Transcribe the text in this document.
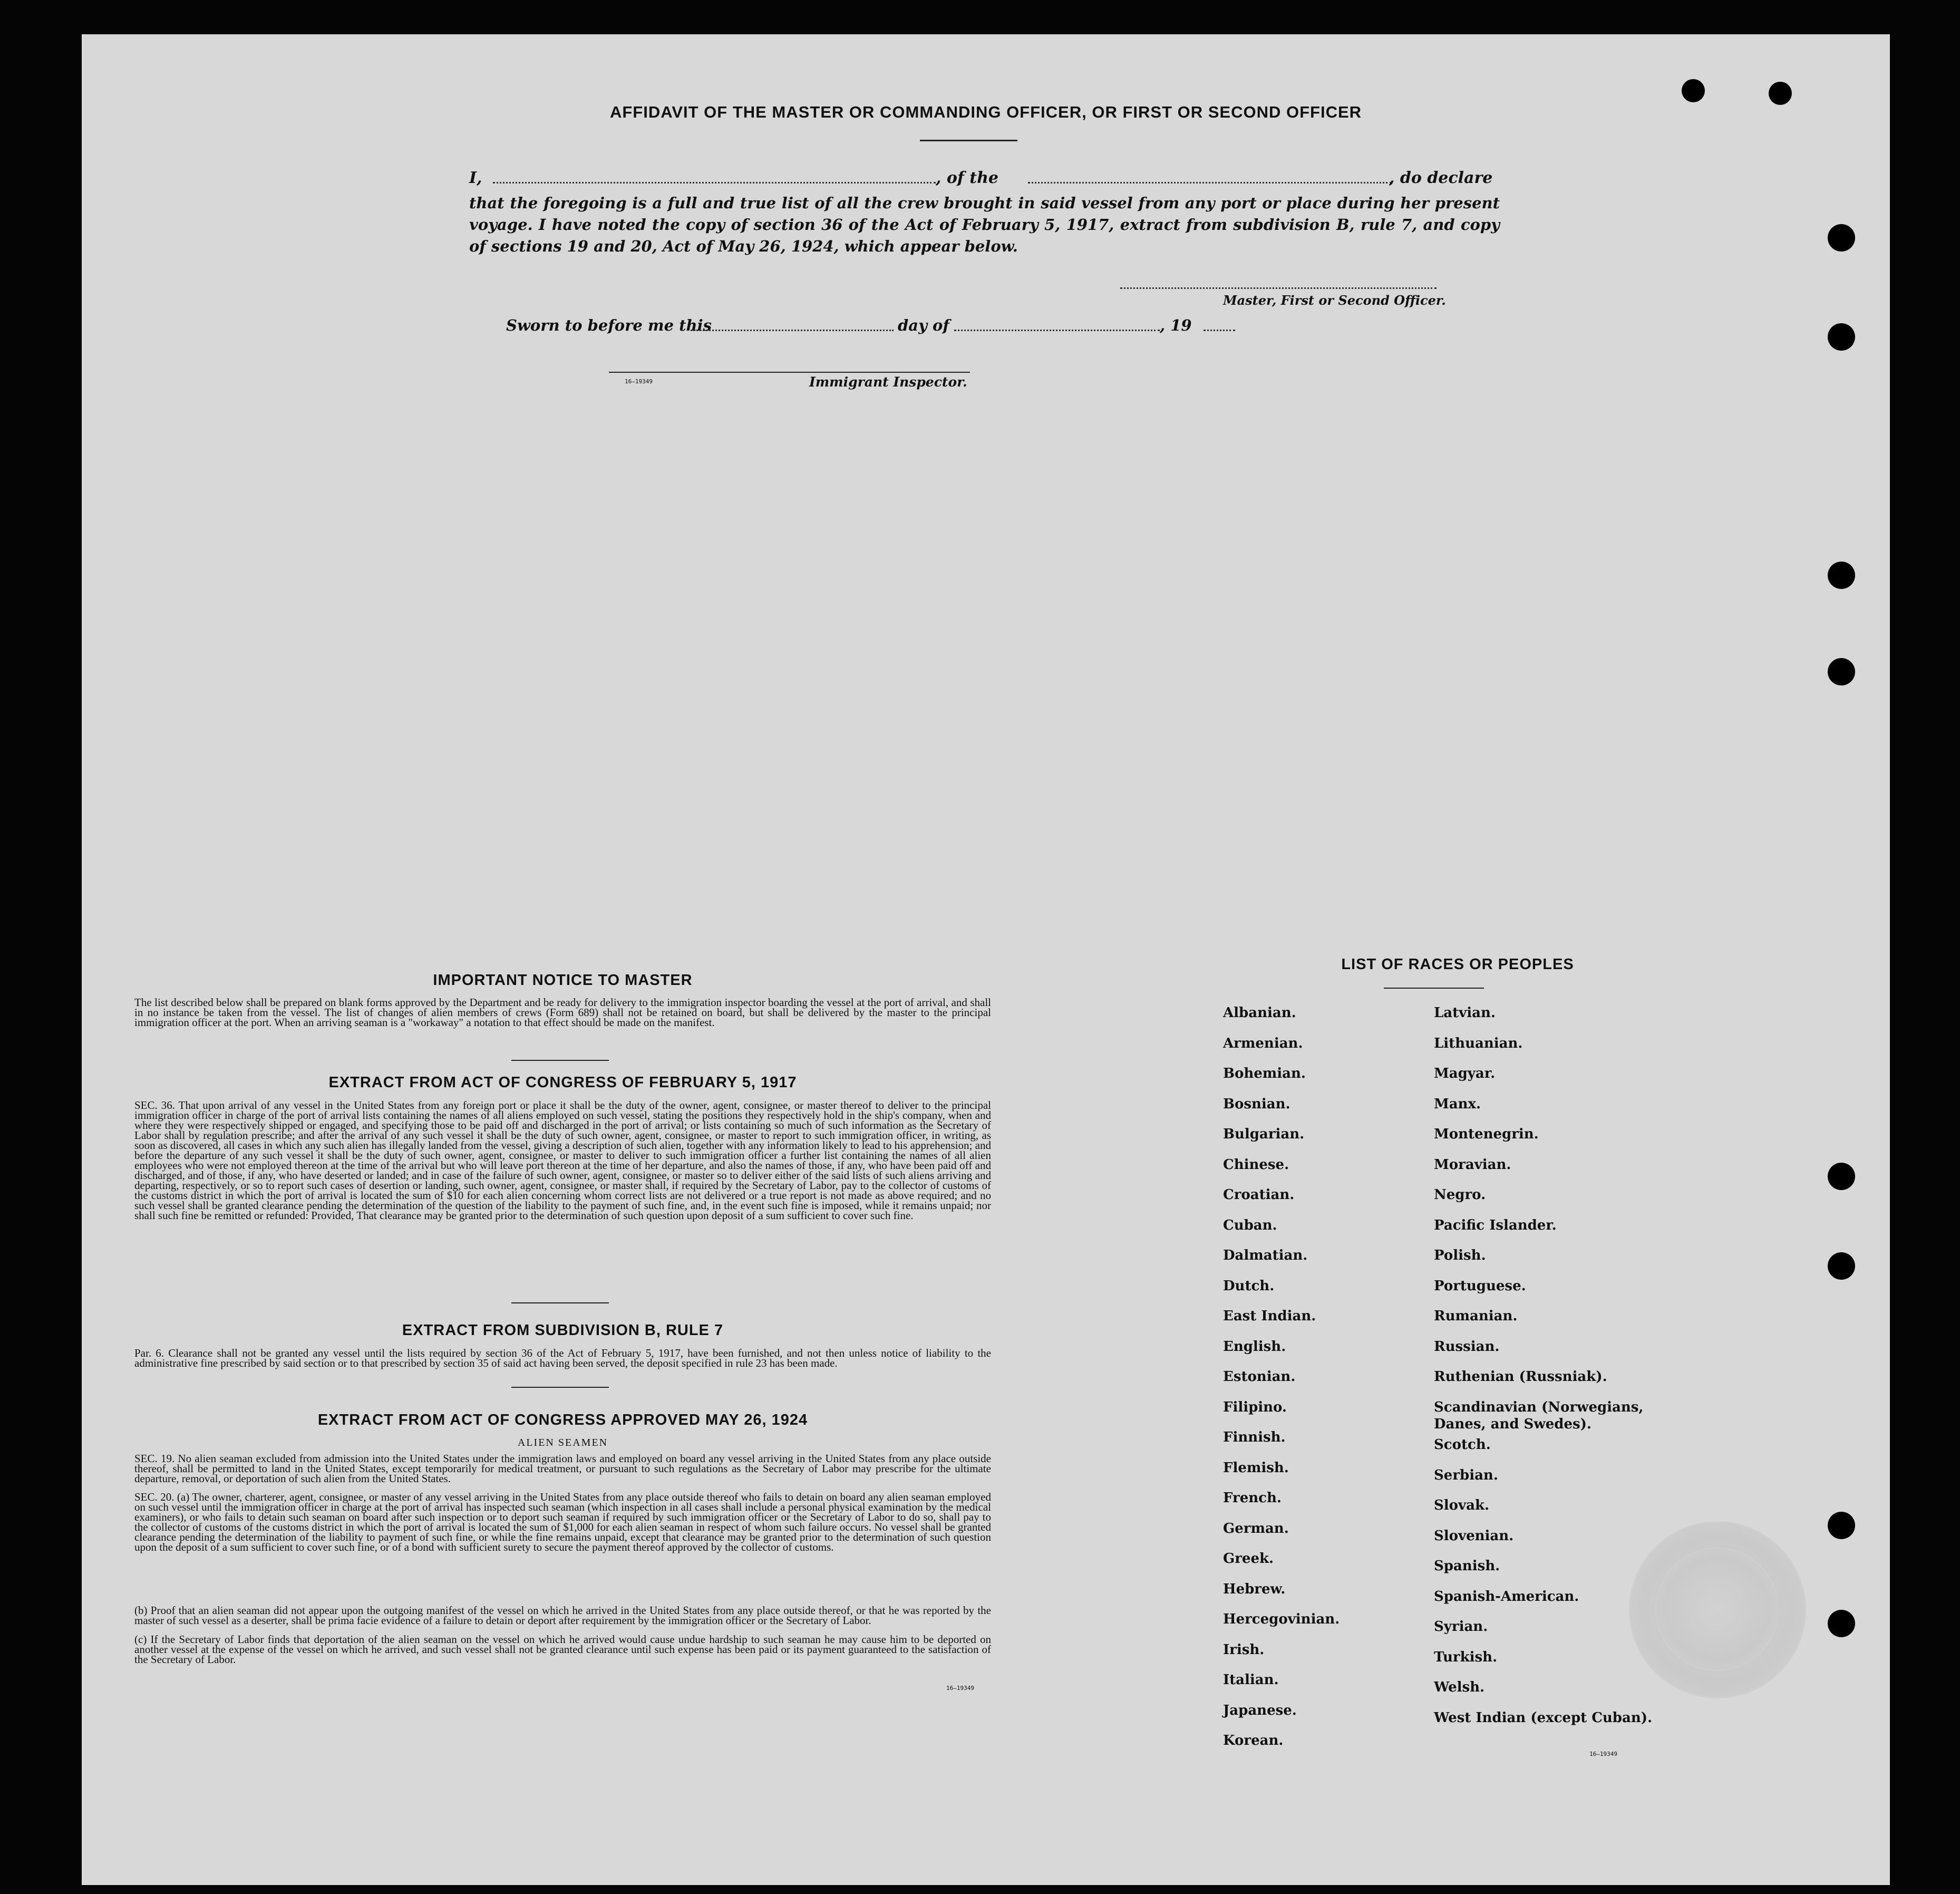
AFFIDAVIT OF THE MASTER OR COMMANDING OFFICER, OR FIRST OR SECOND OFFICER
I,	, of the	, do declare
that the foregoing is a full and true list of all the crew brought in said vessel from any port or place during her present voyage. I have noted the copy of section 36 of the Act of February 5, 1917, extract from subdivision B, rule 7, and copy of sections 19 and 20, Act of May 26, 1924, which appear below.
Master, First or Second Officer.
Sworn to before me this	day of	, 19
16—19349	Immigrant Inspector.
IMPORTANT NOTICE TO MASTER
The list described below shall be prepared on blank forms approved by the Department and be ready for delivery to the immigration inspector boarding the vessel at the port of arrival, and shall in no instance be taken from the vessel. The list of changes of alien members of crews (Form 689) shall not be retained on board, but shall be delivered by the master to the principal immigration officer at the port. When an arriving seaman is a "workaway" a notation to that effect should be made on the manifest.
EXTRACT FROM ACT OF CONGRESS OF FEBRUARY 5, 1917
SEC. 36. That upon arrival of any vessel in the United States from any foreign port or place it shall be the duty of the owner, agent, consignee, or master thereof to deliver to the principal immigration officer in charge of the port of arrival lists containing the names of all aliens employed on such vessel, stating the positions they respectively hold in the ship's company, when and where they were respectively shipped or engaged, and specifying those to be paid off and discharged in the port of arrival; or lists containing so much of such information as the Secretary of Labor shall by regulation prescribe; and after the arrival of any such vessel it shall be the duty of such owner, agent, consignee, or master to report to such immigration officer, in writing, as soon as discovered, all cases in which any such alien has illegally landed from the vessel, giving a description of such alien, together with any information likely to lead to his apprehension; and before the departure of any such vessel it shall be the duty of such owner, agent, consignee, or master to deliver to such immigration officer a further list containing the names of all alien employees who were not employed thereon at the time of the arrival but who will leave port thereon at the time of her departure, and also the names of those, if any, who have been paid off and discharged, and of those, if any, who have deserted or landed; and in case of the failure of such owner, agent, consignee, or master so to deliver either of the said lists of such aliens arriving and departing, respectively, or so to report such cases of desertion or landing, such owner, agent, consignee, or master shall, if required by the Secretary of Labor, pay to the collector of customs of the customs district in which the port of arrival is located the sum of $10 for each alien concerning whom correct lists are not delivered or a true report is not made as above required; and no such vessel shall be granted clearance pending the determination of the question of the liability to the payment of such fine, and, in the event such fine is imposed, while it remains unpaid; nor shall such fine be remitted or refunded: Provided, That clearance may be granted prior to the determination of such question upon deposit of a sum sufficient to cover such fine.
EXTRACT FROM SUBDIVISION B, RULE 7
Par. 6. Clearance shall not be granted any vessel until the lists required by section 36 of the Act of February 5, 1917, have been furnished, and not then unless notice of liability to the administrative fine prescribed by said section or to that prescribed by section 35 of said act having been served, the deposit specified in rule 23 has been made.
EXTRACT FROM ACT OF CONGRESS APPROVED MAY 26, 1924
ALIEN SEAMEN
SEC. 19. No alien seaman excluded from admission into the United States under the immigration laws and employed on board any vessel arriving in the United States from any place outside thereof, shall be permitted to land in the United States, except temporarily for medical treatment, or pursuant to such regulations as the Secretary of Labor may prescribe for the ultimate departure, removal, or deportation of such alien from the United States.
SEC. 20. (a) The owner, charterer, agent, consignee, or master of any vessel arriving in the United States from any place outside thereof who fails to detain on board any alien seaman employed on such vessel until the immigration officer in charge at the port of arrival has inspected such seaman (which inspection in all cases shall include a personal physical examination by the medical examiners), or who fails to detain such seaman on board after such inspection or to deport such seaman if required by such immigration officer or the Secretary of Labor to do so, shall pay to the collector of customs of the customs district in which the port of arrival is located the sum of $1,000 for each alien seaman in respect of whom such failure occurs. No vessel shall be granted clearance pending the determination of the liability to payment of such fine, or while the fine remains unpaid, except that clearance may be granted prior to the determination of such question upon the deposit of a sum sufficient to cover such fine, or of a bond with sufficient surety to secure the payment thereof approved by the collector of customs.
(b) Proof that an alien seaman did not appear upon the outgoing manifest of the vessel on which he arrived in the United States from any place outside thereof, or that he was reported by the master of such vessel as a deserter, shall be prima facie evidence of a failure to detain or deport after requirement by the immigration officer or the Secretary of Labor.
(c) If the Secretary of Labor finds that deportation of the alien seaman on the vessel on which he arrived would cause undue hardship to such seaman he may cause him to be deported on another vessel at the expense of the vessel on which he arrived, and such vessel shall not be granted clearance until such expense has been paid or its payment guaranteed to the satisfaction of the Secretary of Labor.
16—19349
LIST OF RACES OR PEOPLES
16—19349
Albanian.
Armenian.
Bohemian.
Bosnian.
Bulgarian.
Chinese.
Croatian.
Cuban.
Dalmatian.
Dutch.
East Indian.
English.
Estonian.
Filipino.
Finnish.
Flemish.
French.
German.
Greek.
Hebrew.
Hercegovinian.
Irish.
Italian.
Japanese.
Korean.
Latvian.
Lithuanian.
Magyar.
Manx.
Montenegrin.
Moravian.
Negro.
Pacific Islander.
Polish.
Portuguese.
Rumanian.
Russian.
Ruthenian (Russniak).
Scandinavian (Norwegians,
Danes, and Swedes).
Scotch.
Serbian.
Slovak.
Slovenian.
Spanish.
Spanish-American.
Syrian.
Turkish.
Welsh.
West Indian (except Cuban).
